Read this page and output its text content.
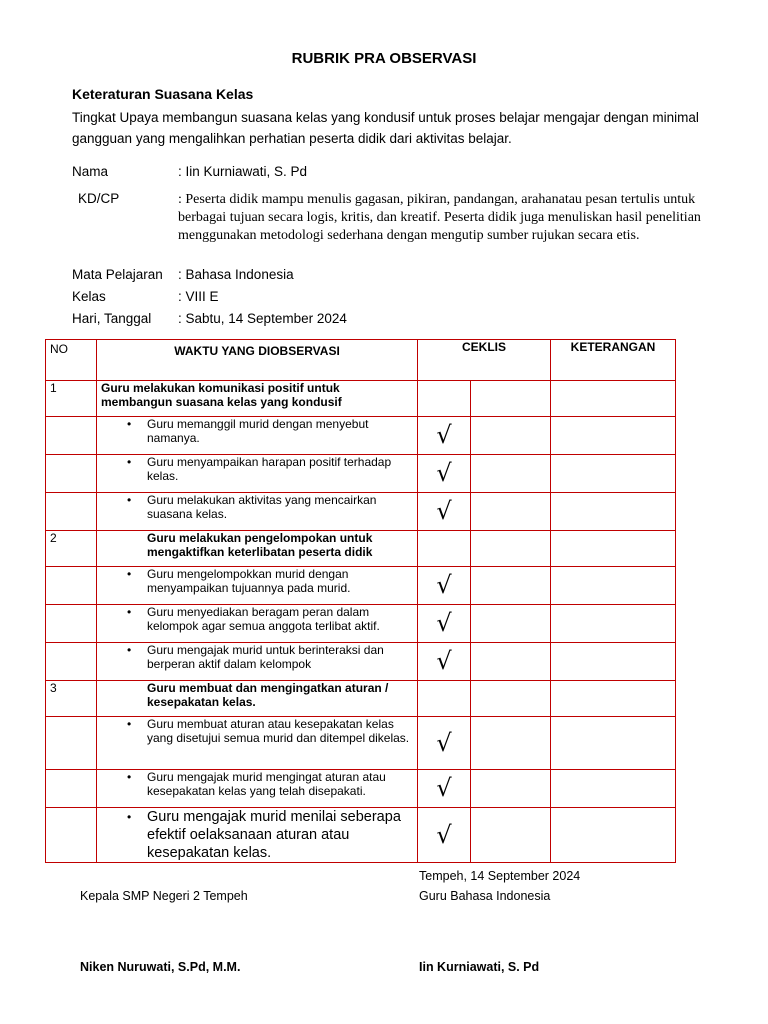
RUBRIK PRA OBSERVASI
Keteraturan Suasana Kelas
Tingkat Upaya membangun suasana kelas yang kondusif untuk proses belajar mengajar dengan minimal gangguan yang mengalihkan perhatian peserta didik dari aktivitas belajar.
Nama	: Iin Kurniawati, S. Pd
KD/CP	: Peserta didik mampu menulis gagasan, pikiran, pandangan, arahanatau pesan tertulis untuk berbagai tujuan secara logis, kritis, dan kreatif. Peserta didik juga menuliskan hasil penelitian menggunakan metodologi sederhana dengan mengutip sumber rujukan secara etis.
Mata Pelajaran : Bahasa Indonesia
Kelas	: VIII E
Hari, Tanggal : Sabtu, 14 September 2024
NO	WAKTU YANG DIOBSERVASI	CEKLIS		KETERANGAN
1	Guru melakukan komunikasi positif untuk membangun suasana kelas yang kondusif			
	• Guru memanggil murid dengan menyebut namanya.	√		
	• Guru menyampaikan harapan positif terhadap kelas.	√		
	• Guru melakukan aktivitas yang mencairkan suasana kelas.	√		
2	Guru melakukan pengelompokan untuk mengaktifkan keterlibatan peserta didik			
	• Guru mengelompokkan murid dengan menyampaikan tujuannya pada murid.	√		
	• Guru menyediakan beragam peran dalam kelompok agar semua anggota terlibat aktif.	√		
	• Guru mengajak murid untuk berinteraksi dan berperan aktif dalam kelompok	√		
3	Guru membuat dan mengingatkan aturan / kesepakatan kelas.			
	• Guru membuat aturan atau kesepakatan kelas yang disetujui semua murid dan ditempel dikelas.	√		
	• Guru mengajak murid mengingat aturan atau kesepakatan kelas yang telah disepakati.	√		
	• Guru mengajak murid menilai seberapa efektif oelaksanaan aturan atau kesepakatan kelas.	√		
Tempeh, 14 September 2024
Kepala SMP Negeri 2 Tempeh	Guru Bahasa Indonesia
Niken Nuruwati, S.Pd, M.M.	Iin Kurniawati, S. Pd
